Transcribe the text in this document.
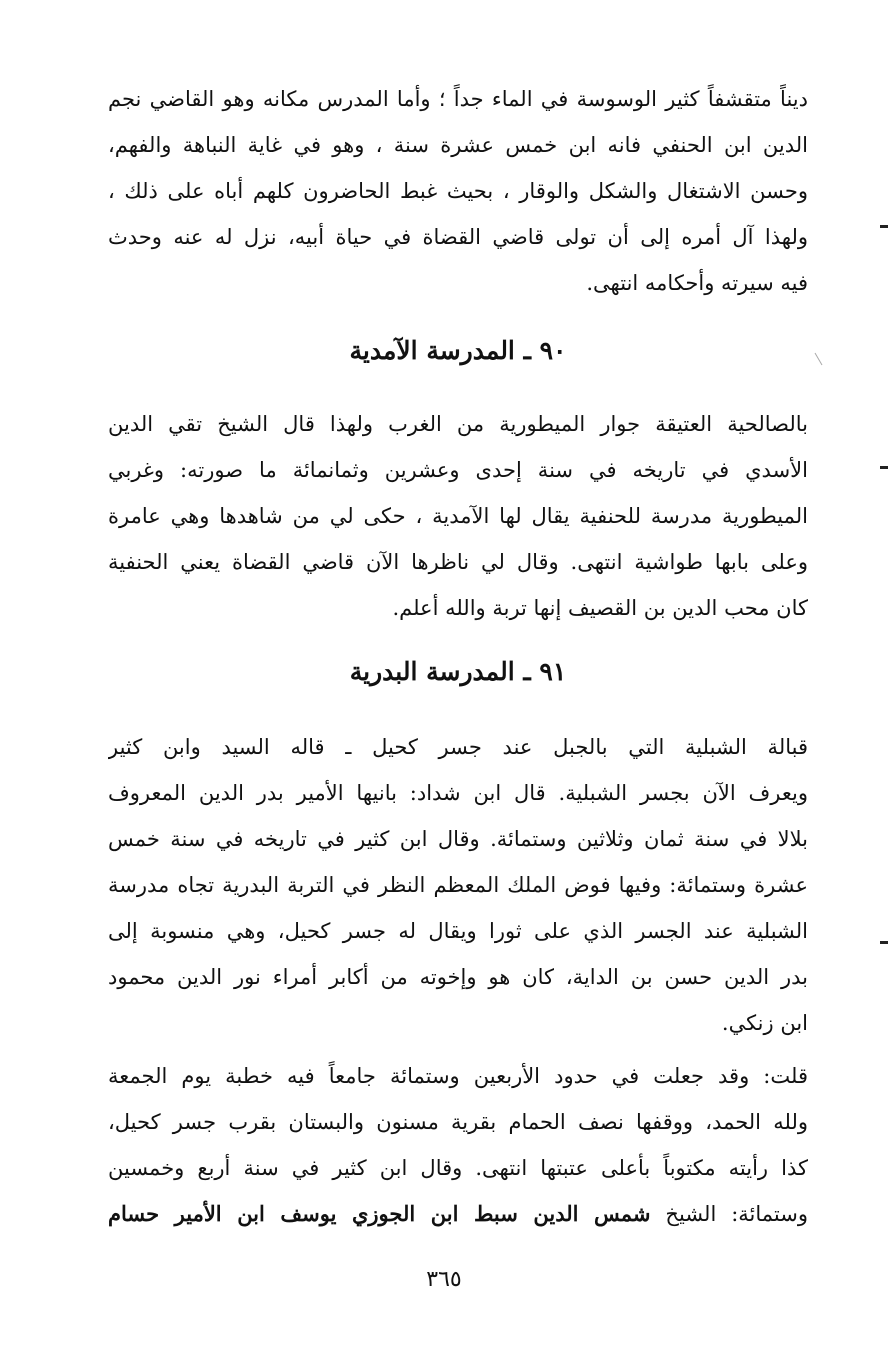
ديناً متقشفاً كثير الوسوسة في الماء جداً ؛ وأما المدرس مكانه وهو القاضي نجم
الدين ابن الحنفي فانه ابن خمس عشرة سنة ، وهو في غاية النباهة والفهم،
وحسن الاشتغال والشكل والوقار ، بحيث غبط الحاضرون كلهم أباه على ذلك ،
ولهذا آل أمره إلى أن تولى قاضي القضاة في حياة أبيه، نزل له عنه وحدث
فيه سيرته وأحكامه انتهى.
٩٠ ـ المدرسة الآمدية
بالصالحية العتيقة جوار الميطورية من الغرب ولهذا قال الشيخ تقي الدين
الأسدي في تاريخه في سنة إحدى وعشرين وثمانمائة ما صورته: وغربي
الميطورية مدرسة للحنفية يقال لها الآمدية ، حكى لي من شاهدها وهي عامرة
وعلى بابها طواشية انتهى. وقال لي ناظرها الآن قاضي القضاة يعني الحنفية
كان محب الدين بن القصيف إنها تربة والله أعلم.
٩١ ـ المدرسة البدرية
قبالة الشبلية التي بالجبل عند جسر كحيل ـ قاله السيد وابن كثير
ويعرف الآن بجسر الشبلية. قال ابن شداد: بانيها الأمير بدر الدين المعروف
بلالا في سنة ثمان وثلاثين وستمائة. وقال ابن كثير في تاريخه في سنة خمس
عشرة وستمائة: وفيها فوض الملك المعظم النظر في التربة البدرية تجاه مدرسة
الشبلية عند الجسر الذي على ثورا ويقال له جسر كحيل، وهي منسوبة إلى
بدر الدين حسن بن الداية، كان هو وإخوته من أكابر أمراء نور الدين محمود
ابن زنكي.
قلت: وقد جعلت في حدود الأربعين وستمائة جامعاً فيه خطبة يوم الجمعة
ولله الحمد، ووقفها نصف الحمام بقرية مسنون والبستان بقرب جسر كحيل،
كذا رأيته مكتوباً بأعلى عتبتها انتهى. وقال ابن كثير في سنة أربع وخمسين
وستمائة: الشيخ شمس الدين سبط ابن الجوزي يوسف ابن الأمير حسام
٣٦٥
